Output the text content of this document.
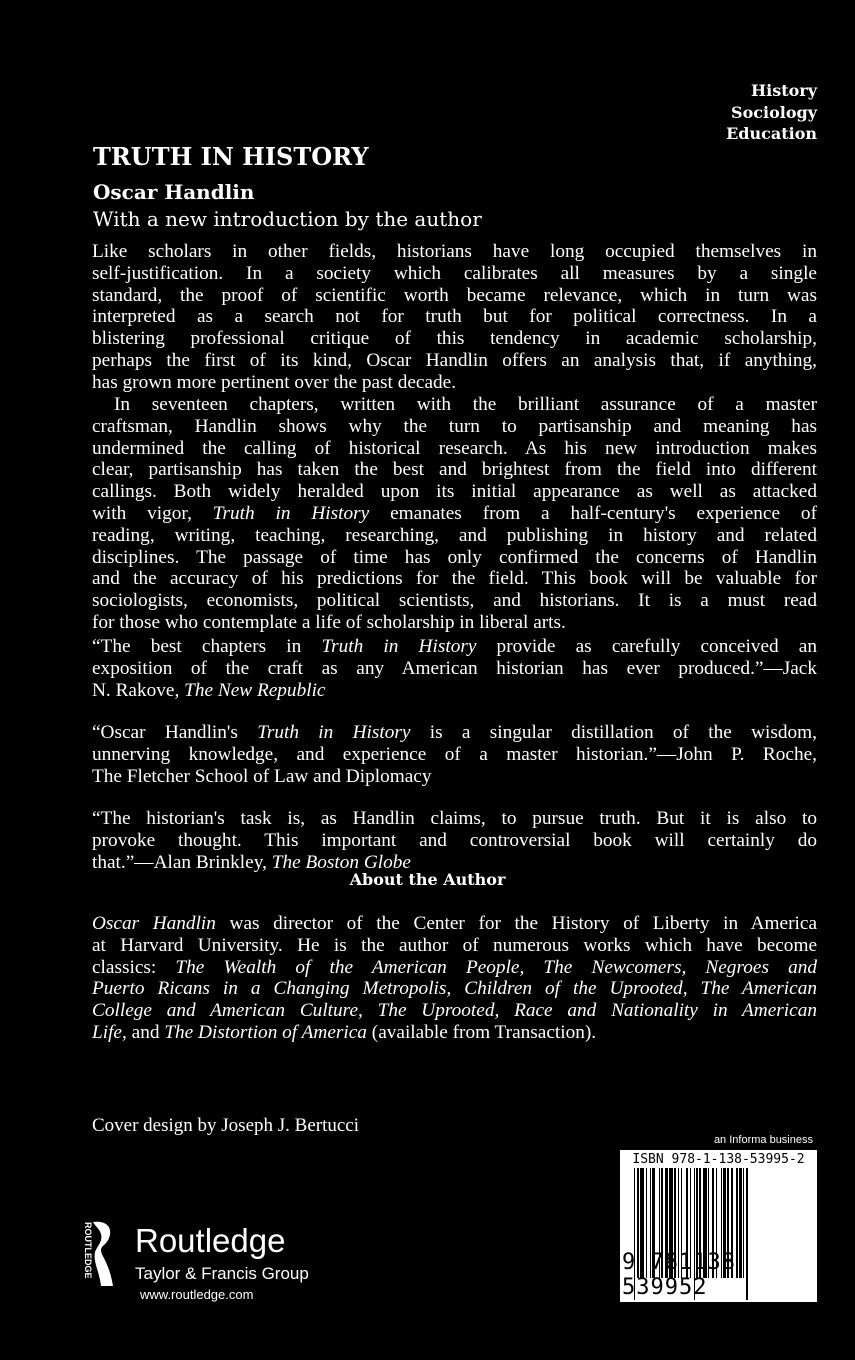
History
Sociology
Education
TRUTH IN HISTORY
Oscar Handlin
With a new introduction by the author
Like scholars in other fields, historians have long occupied themselves in
self-justification. In a society which calibrates all measures by a single
standard, the proof of scientific worth became relevance, which in turn was
interpreted as a search not for truth but for political correctness. In a
blistering professional critique of this tendency in academic scholarship,
perhaps the first of its kind, Oscar Handlin offers an analysis that, if anything,
has grown more pertinent over the past decade.
In seventeen chapters, written with the brilliant assurance of a master
craftsman, Handlin shows why the turn to partisanship and meaning has
undermined the calling of historical research. As his new introduction makes
clear, partisanship has taken the best and brightest from the field into different
callings. Both widely heralded upon its initial appearance as well as attacked
with vigor, Truth in History emanates from a half-century's experience of
reading, writing, teaching, researching, and publishing in history and related
disciplines. The passage of time has only confirmed the concerns of Handlin
and the accuracy of his predictions for the field. This book will be valuable for
sociologists, economists, political scientists, and historians. It is a must read
for those who contemplate a life of scholarship in liberal arts.
“The best chapters in Truth in History provide as carefully conceived an
exposition of the craft as any American historian has ever produced.”—Jack
N. Rakove, The New Republic
“Oscar Handlin's Truth in History is a singular distillation of the wisdom,
unnerving knowledge, and experience of a master historian.”—John P. Roche,
The Fletcher School of Law and Diplomacy
“The historian's task is, as Handlin claims, to pursue truth. But it is also to
provoke thought. This important and controversial book will certainly do
that.”—Alan Brinkley, The Boston Globe
About the Author
Oscar Handlin was director of the Center for the History of Liberty in America
at Harvard University. He is the author of numerous works which have become
classics: The Wealth of the American People, The Newcomers, Negroes and
Puerto Ricans in a Changing Metropolis, Children of the Uprooted, The American
College and American Culture, The Uprooted, Race and Nationality in American
Life, and The Distortion of America (available from Transaction).
Cover design by Joseph J. Bertucci
an Informa business
ISBN 978-1-138-53995-2
9 781138 539952
ROUTLEDGE Routledge
Taylor & Francis Group
www.routledge.com
